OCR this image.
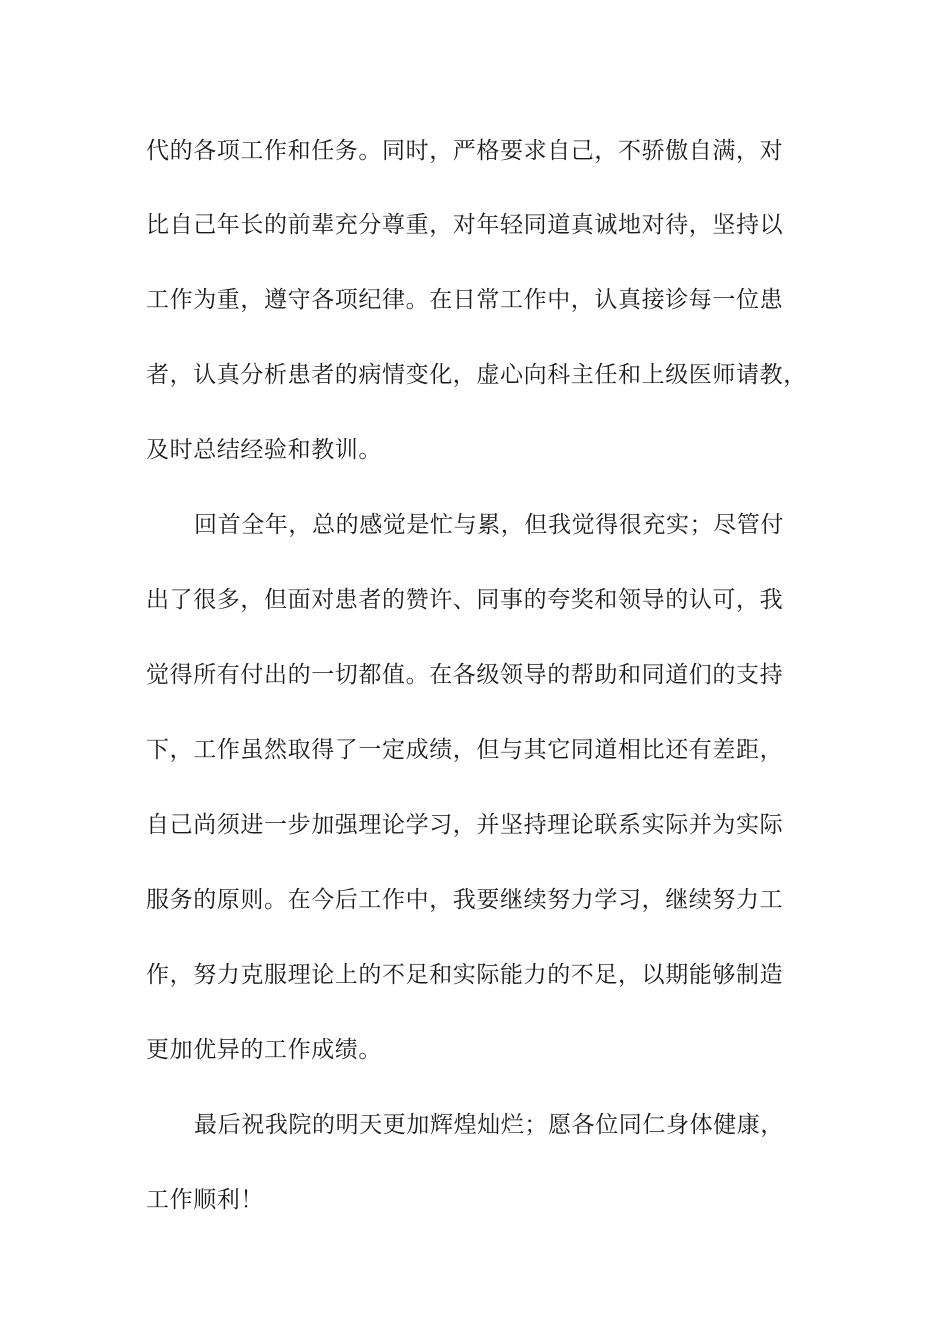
代的各项工作和任务。同时，严格要求自己，不骄傲自满，对
比自己年长的前辈充分尊重，对年轻同道真诚地对待，坚持以
工作为重，遵守各项纪律。在日常工作中，认真接诊每一位患
者，认真分析患者的病情变化，虚心向科主任和上级医师请教，
及时总结经验和教训。
回首全年，总的感觉是忙与累，但我觉得很充实；尽管付
出了很多，但面对患者的赞许、同事的夸奖和领导的认可，我
觉得所有付出的一切都值。在各级领导的帮助和同道们的支持
下，工作虽然取得了一定成绩，但与其它同道相比还有差距，
自己尚须进一步加强理论学习，并坚持理论联系实际并为实际
服务的原则。在今后工作中，我要继续努力学习，继续努力工
作，努力克服理论上的不足和实际能力的不足，以期能够制造
更加优异的工作成绩。
最后祝我院的明天更加辉煌灿烂；愿各位同仁身体健康，
工作顺利！
